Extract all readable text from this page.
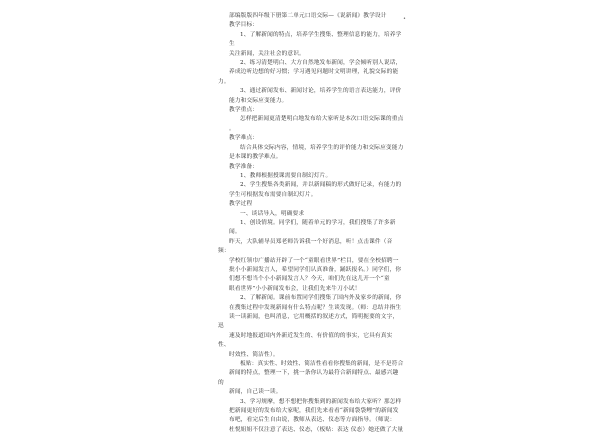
•
部编版版四年级下册第二单元口语交际—《说新闻》教学设计
教学目标：
1、了解新闻的特点，培养学生搜集、整理信息的能力，培养学生
关注新闻，关注社会的意识。
2、练习清楚明白、大方自然地发布新闻，学会倾听别人说话，
养成边听边想的好习惯；学习遇见问题时文明讲理，礼貌交际的能力。
3、通过新闻发布、新闻讨论，培养学生的语言表达能力，评价
能力和交际应变能力。
教学重点：
怎样把新闻更清楚明白地发布给大家听是本次口语交际课的重点
。
教学难点：
结合具体交际内容，情境，培养学生的评价能力和交际应变能力
是本课的教学难点。
教学准备：
1、教师根据授课需要自制幻灯片。
2、学生搜集各类新闻，并以新闻稿的形式做好记录，有能力的
学生可根据发布需要自制幻灯片。
教学过程
一、谈话导入，明确要求
1、创设情境。同学们，随着单元的学习，我们搜集了许多新闻。
昨天，大队辅导员郑老师告诉我一个好消息，听！点击课件（音频：
学校红领巾广播站开辟了一个“童眼看世界”栏目，要在全校招聘一
批小小新闻发言人，希望同学们认真准备，踊跃报名。）同学们，你
们想不想当个小小新闻发言人？今天，咱们先在这儿开一个“童
眼看世界”小小新闻发布会，让我们先来牛刀小试！
2、了解新闻。课前布置同学们搜集了国内外及家乡的新闻，你
在搜集过程中发现新闻有什么特点呢？生谈发现。（师：总结并指生
读一读新闻，也叫消息，它用概括的叙述方式，简明扼要的文字，迅
速及时地报道国内外新近发生的、有价值的的事实，它具有真实性、
时效性、简洁性）。
板贴：真实性、时效性、简洁性看看你搜集的新闻，是不是符合
新闻的特点，整理一下，挑一条你认为最符合新闻特点、最感兴趣的
新闻，自己读一读。
3、学习规摩，想不想把你搜集到的新闻发布给大家听？那怎样
把新闻更好的发布给大家呢，我们先来看看“新闻袋袋鲤”的新闻发
布吧，看完后生自由说，教师从表达、仪态等方面指导。（师说：
杜悦姐姐不仅注意了表达、仪态，（板贴：表达 仪态）她还做了大量
